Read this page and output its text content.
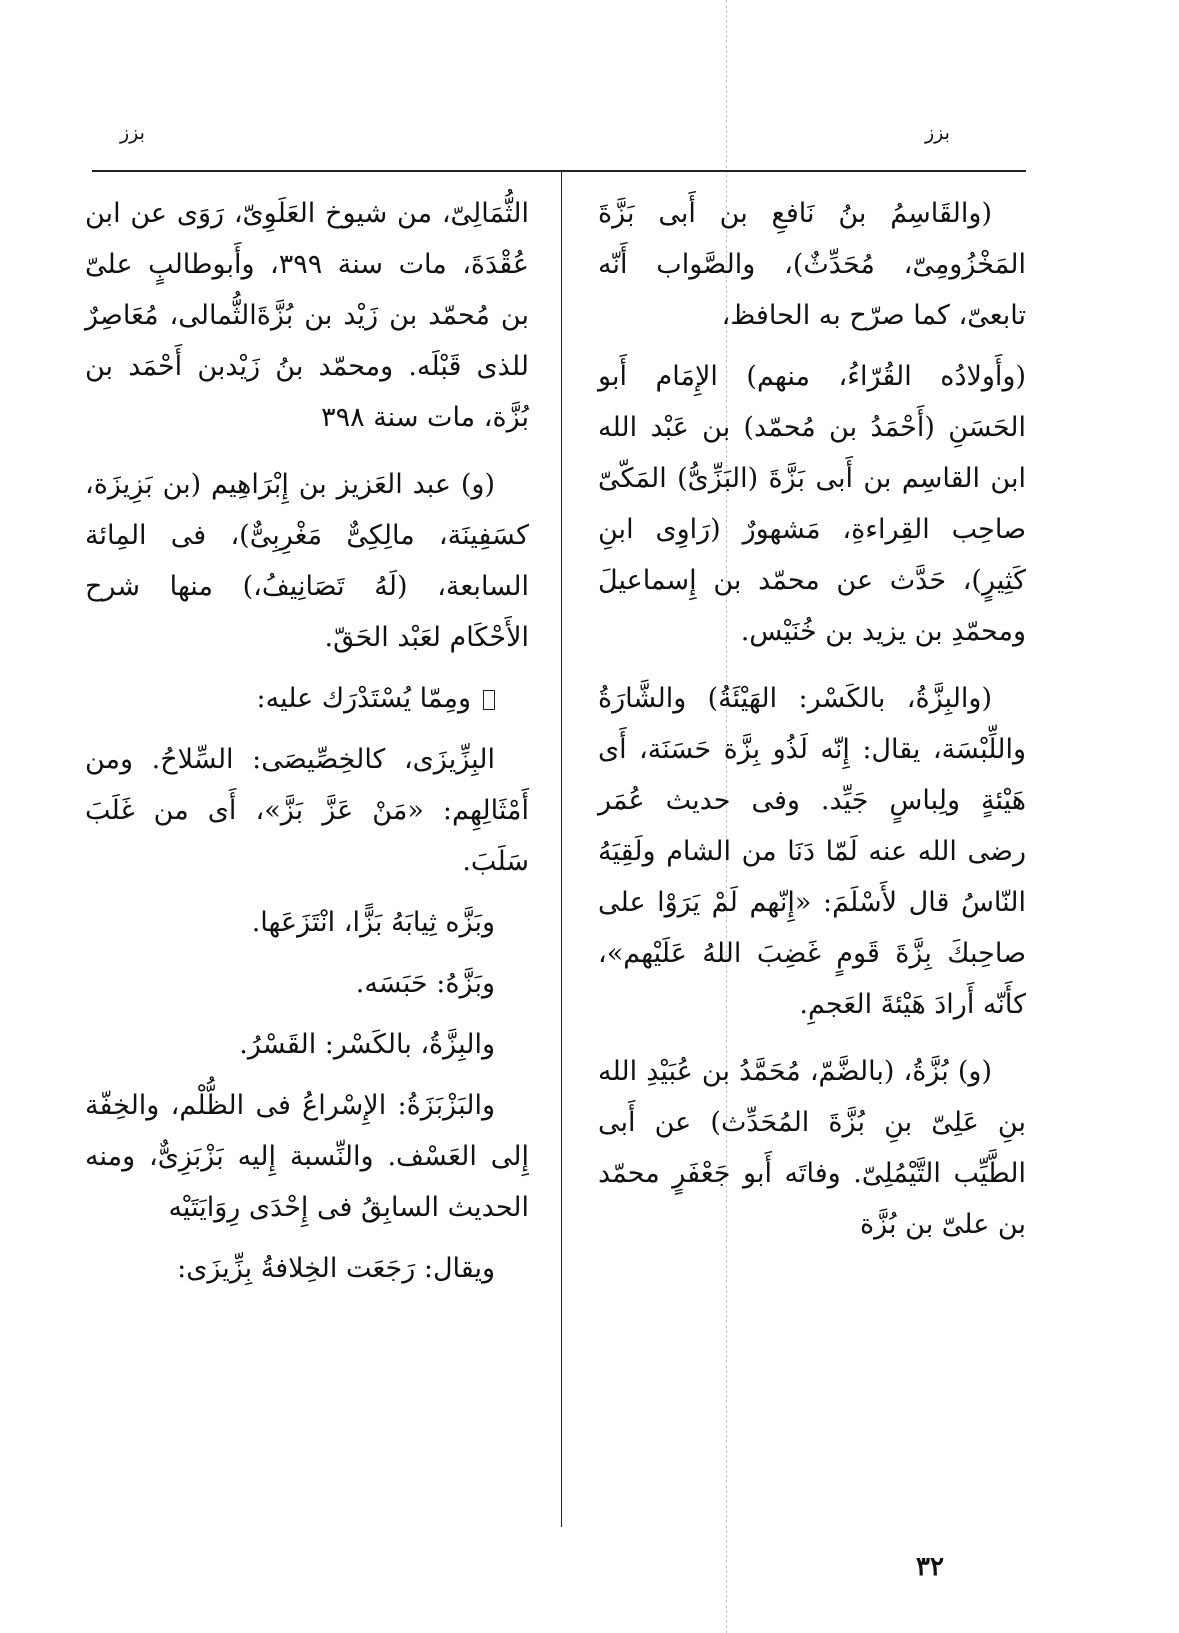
بزز
بزز

(والقَاسِمُ بنُ نَافعِ بن أَبى بَزَّةَ المَخْزُومِىّ، مُحَدِّثٌ)، والصَّواب أَنّه تابعىّ، كما صرّح به الحافظ،

(وأَولادُه القُرّاءُ، منهم) الإِمَام أَبو الحَسَنِ (أَحْمَدُ بن مُحمّد) بن عَبْد الله ابن القاسِم بن أَبى بَزَّةَ (البَزِّىُّ) المَكّىّ صاحِب القِراءةِ، مَشهورٌ (رَاوِى ابنِ كَثِيرٍ)، حَدَّث عن محمّد بن إِسماعيلَ ومحمّدِ بن يزيد بن خُنَيْس.

(والبِزَّةُ، بالكَسْر: الهَيْئَةُ) والشَّارَةُ واللِّبْسَة، يقال: إِنّه لَذُو بِزَّة حَسَنَة، أَى هَيْئةٍ ولِباسٍ جَيِّد. وفى حديث عُمَر رضى الله عنه لَمّا دَنَا من الشام ولَقِيَهُ النّاسُ قال لأَسْلَمَ: «إِنّهم لَمْ يَرَوْا على صاحِبكَ بِزَّةَ قَومٍ غَضِبَ اللهُ عَلَيْهم»، كأَنّه أَرادَ هَيْئةَ العَجمِ.

(و) بُزَّةُ، (بالضَّمّ، مُحَمَّدُ بن عُبَيْدِ الله بنِ عَلِىّ بنِ بُزَّةَ المُحَدِّث) عن أَبى الطَّيِّب التَّيْمُلِىّ. وفاتَه أَبو جَعْفَرٍ محمّد بن علىّ بن بُزَّة

الثُّمَالِىّ، من شيوخ العَلَوِىّ، رَوَى عن ابن عُقْدَةَ، مات سنة ٣٩٩، وأَبوطالبٍ علىّ بن مُحمّد بن زَيْد بن بُزَّةَالثُّمالى، مُعَاصِرٌ للذى قَبْلَه. ومحمّد بنُ زَيْدبن أَحْمَد بن بُزَّة، مات سنة ٣٩٨

(و) عبد العَزيز بن إِبْرَاهِيم (بن بَزِيزَة، كسَفِينَة، مالِكِىٌّ مَغْرِبِىٌّ)، فى المِائة السابعة، (لَهُ تَصَانِيفُ،) منها شرح الأَحْكَام لعَبْد الحَقّ.

ومِمّا يُسْتَدْرَك عليه:

البِزِّيزَى، كالخِصِّيصَى: السِّلاحُ. ومن أَمْثَالِهِم: «مَنْ عَزَّ بَزَّ»، أَى من غَلَبَ سَلَبَ.

وبَزَّه ثِيابَهُ بَزًّا، انْتَزَعَها.

وبَزَّهُ: حَبَسَه.

والبِزَّةُ، بالكَسْر: القَسْرُ.

والبَزْبَزَةُ: الإِسْراعُ فى الظُّلْم، والخِفّة إِلى العَسْف. والنِّسبة إِليه بَزْبَزِىٌّ، ومنه الحديث السابِقُ فى إِحْدَى رِوَايَتَيْه

ويقال: رَجَعَت الخِلافةُ بِزِّيزَى:

٣٢
